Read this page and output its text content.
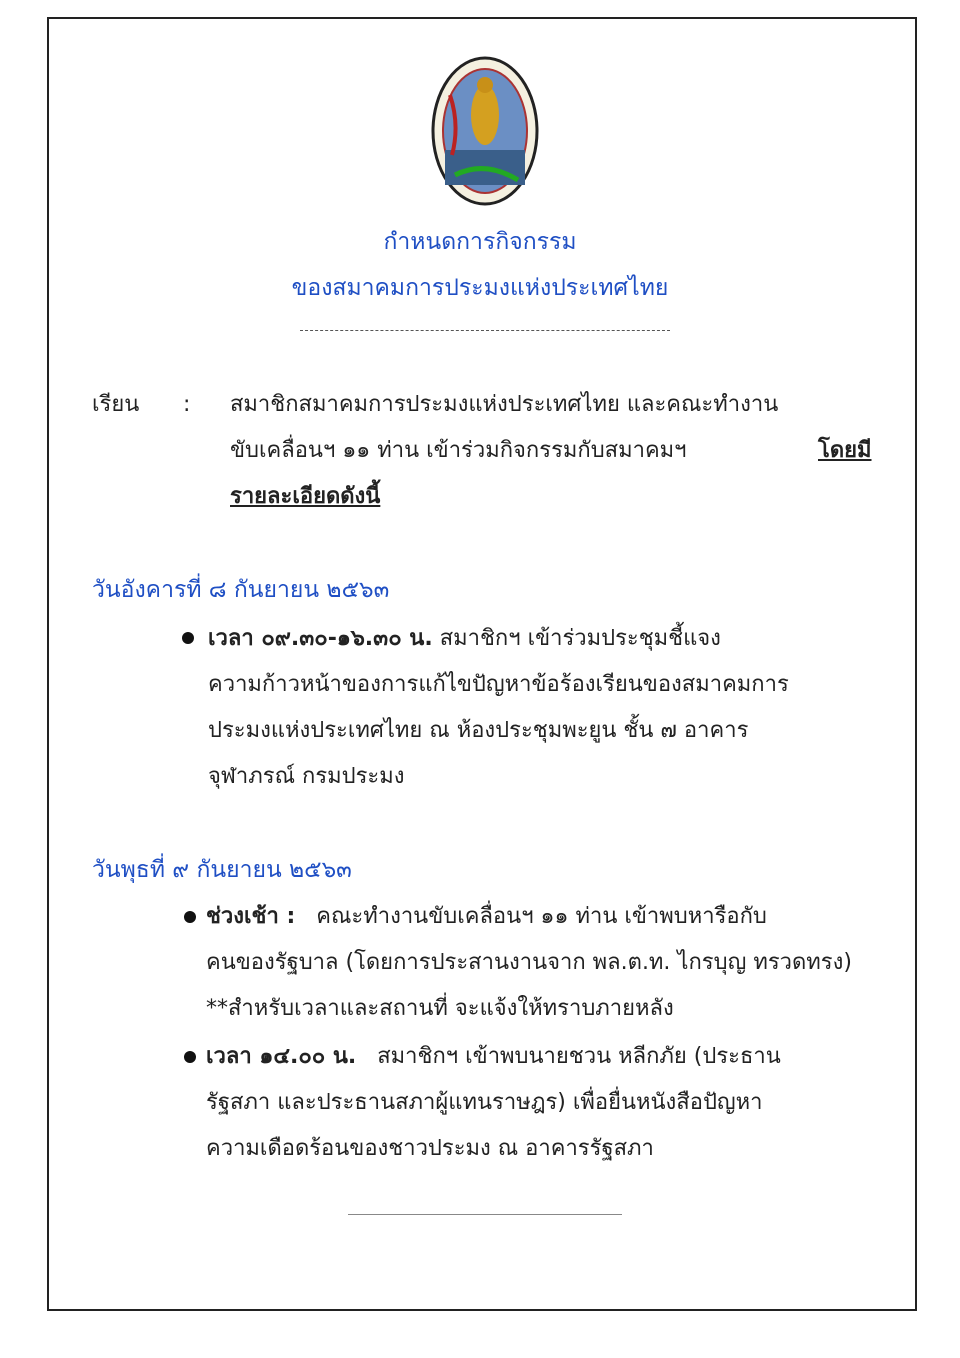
กำหนดการกิจกรรม
ของสมาคมการประมงแห่งประเทศไทย
เรียน : สมาชิกสมาคมการประมงแห่งประเทศไทย และคณะทำงาน
ขับเคลื่อนฯ ๑๑ ท่าน เข้าร่วมกิจกรรมกับสมาคมฯ	โดยมี
รายละเอียดดังนี้
วันอังคารที่ ๘ กันยายน ๒๕๖๓
เวลา ๐๙.๓๐-๑๖.๓๐ น. สมาชิกฯ เข้าร่วมประชุมชี้แจง
ความก้าวหน้าของการแก้ไขปัญหาข้อร้องเรียนของสมาคมการ
ประมงแห่งประเทศไทย ณ ห้องประชุมพะยูน ชั้น ๗ อาคาร
จุฬาภรณ์ กรมประมง
วันพุธที่ ๙ กันยายน ๒๕๖๓
ช่วงเช้า : คณะทำงานขับเคลื่อนฯ ๑๑ ท่าน เข้าพบหารือกับ
คนของรัฐบาล (โดยการประสานงานจาก พล.ต.ท. ไกรบุญ ทรวดทรง)
**สำหรับเวลาและสถานที่ จะแจ้งให้ทราบภายหลัง
เวลา ๑๔.๐๐ น. สมาชิกฯ เข้าพบนายชวน หลีกภัย (ประธาน
รัฐสภา และประธานสภาผู้แทนราษฎร) เพื่อยื่นหนังสือปัญหา
ความเดือดร้อนของชาวประมง ณ อาคารรัฐสภา
